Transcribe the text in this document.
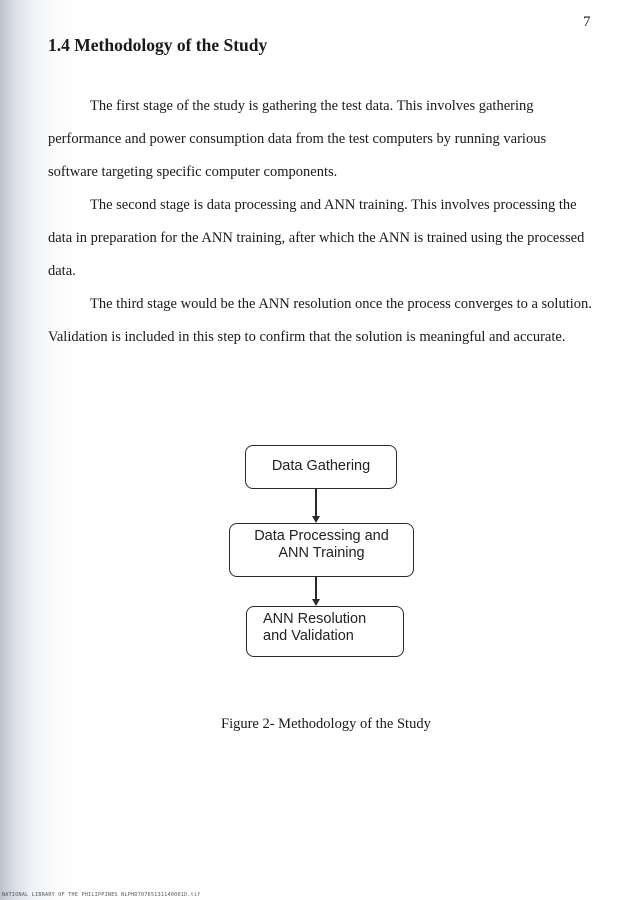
7
1.4 Methodology of the Study

The first stage of the study is gathering the test data. This involves gathering performance and power consumption data from the test computers by running various software targeting specific computer components.

The second stage is data processing and ANN training. This involves processing the data in preparation for the ANN training, after which the ANN is trained using the processed data.

The third stage would be the ANN resolution once the process converges to a solution. Validation is included in this step to confirm that the solution is meaningful and accurate.

Data Gathering
Data Processing and
ANN Training
ANN Resolution
and Validation
Figure 2- Methodology of the Study
NATIONAL LIBRARY OF THE PHILIPPINES NLPHD70765131140001D.tif
